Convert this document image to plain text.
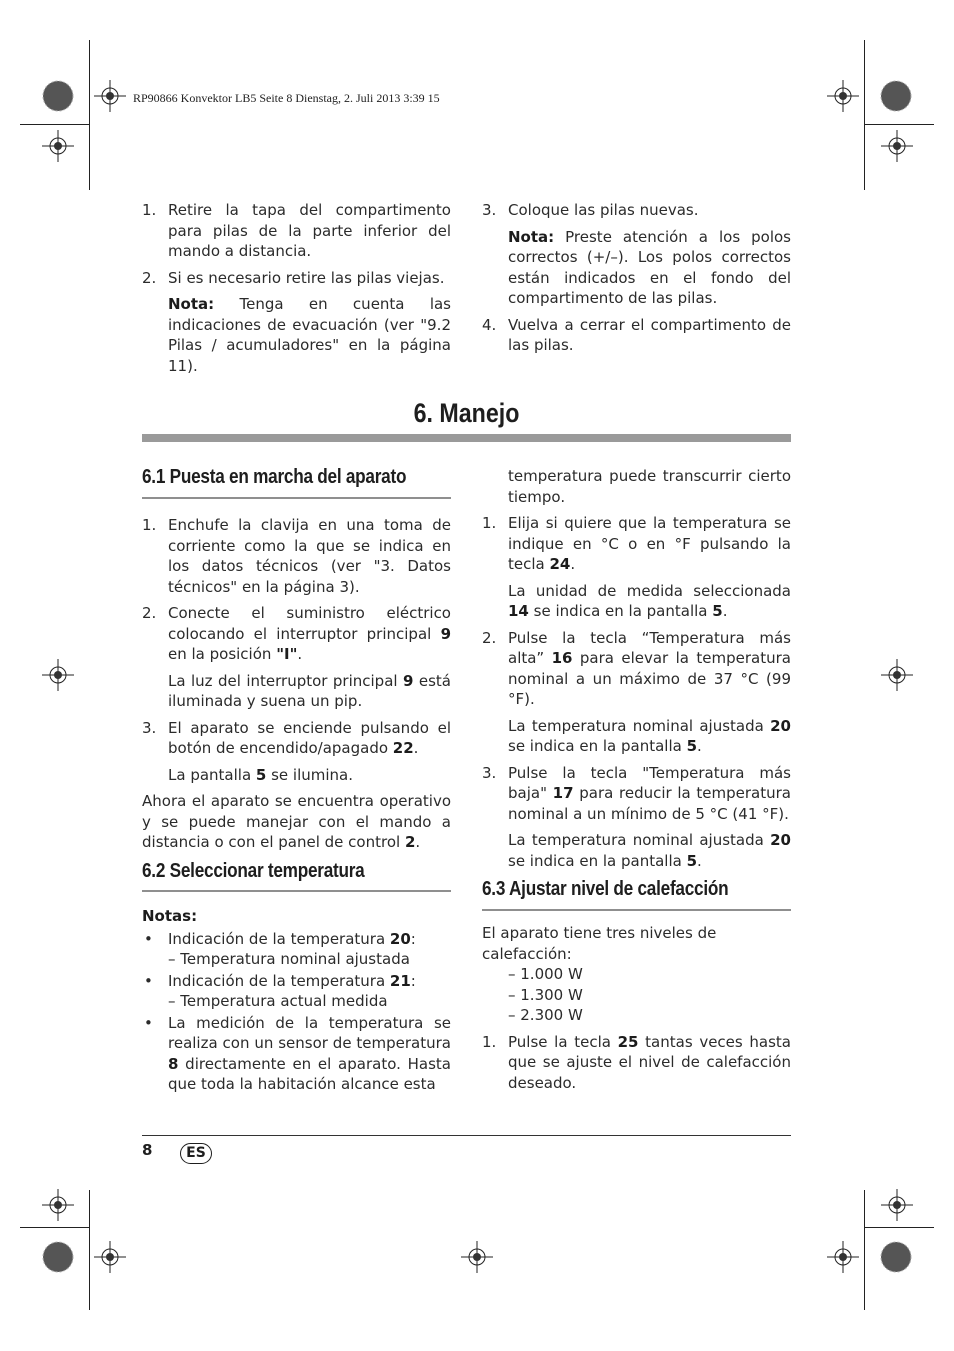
RP90866 Konvektor LB5 Seite 8 Dienstag, 2. Juli 2013 3:39 15
1. Retire la tapa del compartimento para pilas de la parte inferior del mando a distancia.
2. Si es necesario retire las pilas viejas.
Nota: Tenga en cuenta las indicaciones de evacuación (ver "9.2 Pilas / acumuladores" en la página 11).
3. Coloque las pilas nuevas.
Nota: Preste atención a los polos correctos (+/–). Los polos correctos están indicados en el fondo del compartimento de las pilas.
4. Vuelva a cerrar el compartimento de las pilas.
6. Manejo
6.1 Puesta en marcha del aparato
1. Enchufe la clavija en una toma de corriente como la que se indica en los datos técnicos (ver "3. Datos técnicos" en la página 3).
2. Conecte el suministro eléctrico colocando el interruptor principal 9 en la posición "I".
La luz del interruptor principal 9 está iluminada y suena un pip.
3. El aparato se enciende pulsando el botón de encendido/apagado 22.
La pantalla 5 se ilumina.

Ahora el aparato se encuentra operativo y se puede manejar con el mando a distancia o con el panel de control 2.

6.2 Seleccionar temperatura
Notas:
• Indicación de la temperatura 20:
– Temperatura nominal ajustada
• Indicación de la temperatura 21:
– Temperatura actual medida
• La medición de la temperatura se realiza con un sensor de temperatura 8 directamente en el aparato. Hasta que toda la habitación alcance esta
temperatura puede transcurrir cierto tiempo.
1. Elija si quiere que la temperatura se indique en °C o en °F pulsando la tecla 24.
La unidad de medida seleccionada 14 se indica en la pantalla 5.
2. Pulse la tecla “Temperatura más alta” 16 para elevar la temperatura nominal a un máximo de 37 °C (99 °F).
La temperatura nominal ajustada 20 se indica en la pantalla 5.
3. Pulse la tecla "Temperatura más baja" 17 para reducir la temperatura nominal a un mínimo de 5 °C (41 °F).
La temperatura nominal ajustada 20 se indica en la pantalla 5.
6.3 Ajustar nivel de calefacción

El aparato tiene tres niveles de calefacción:

– 1.000 W
– 1.300 W
– 2.300 W
1. Pulse la tecla 25 tantas veces hasta que se ajuste el nivel de calefacción deseado.
8	ES
